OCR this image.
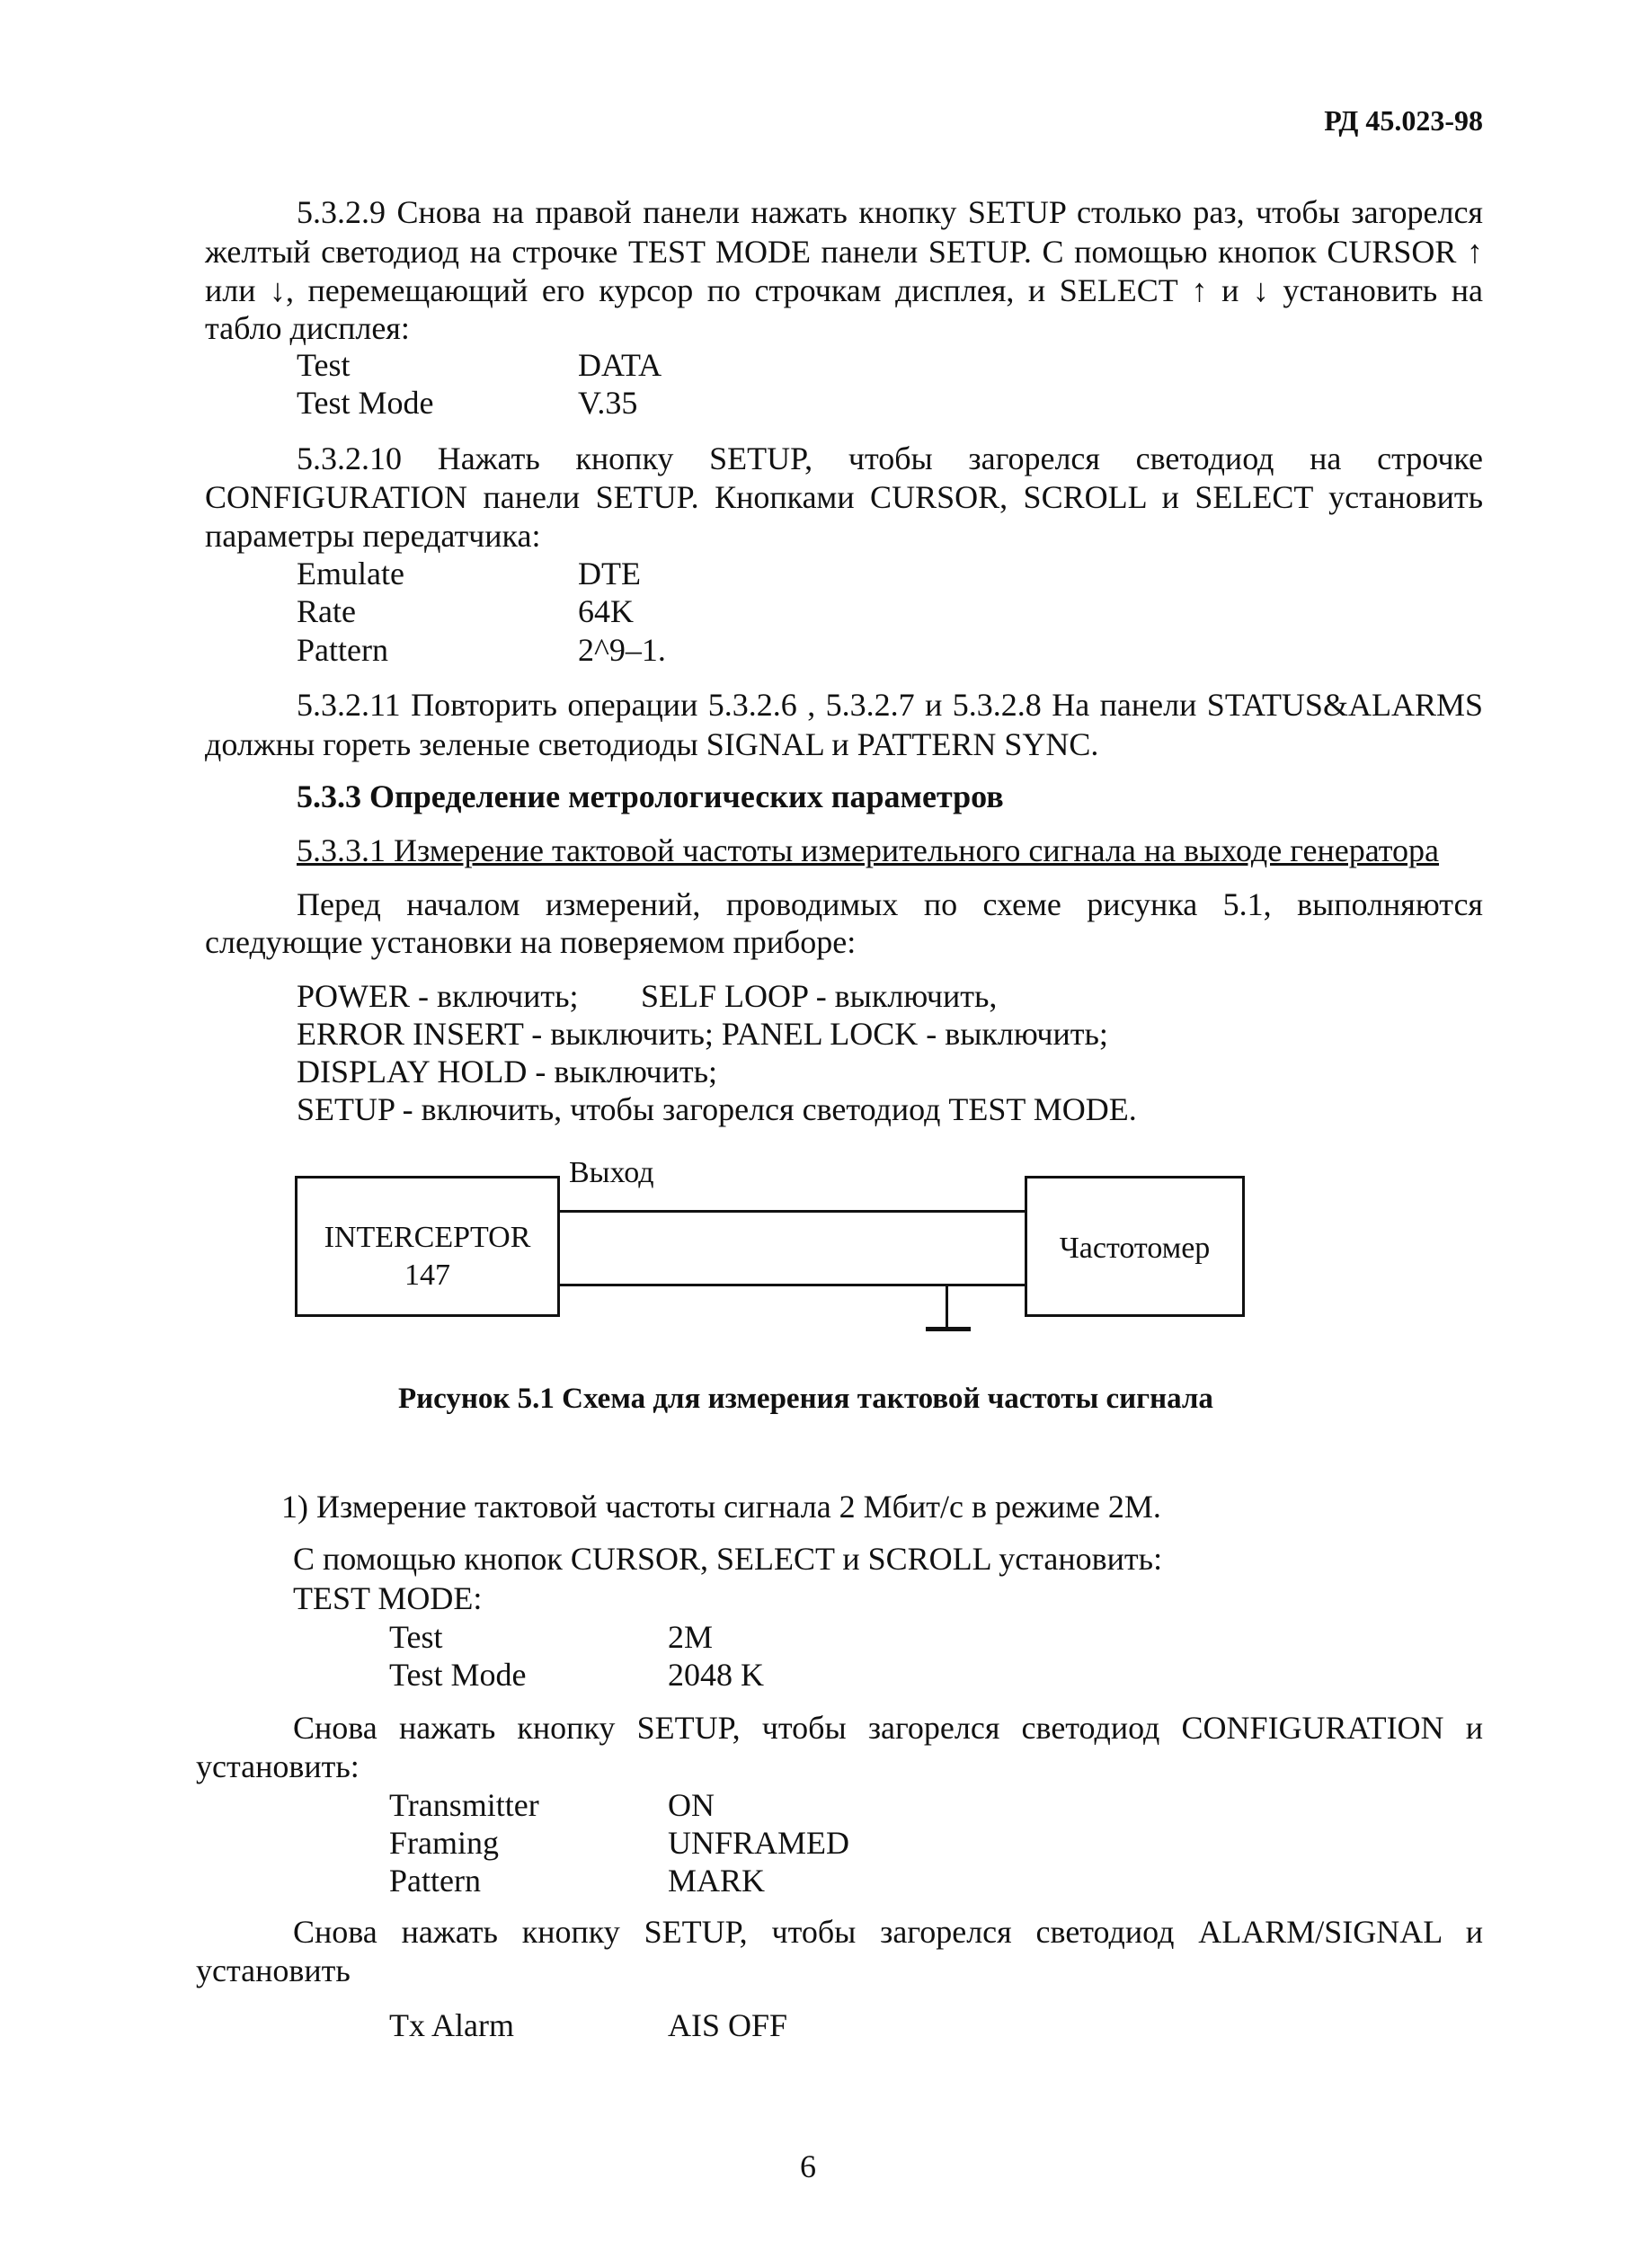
РД 45.023-98
5.3.2.9 Снова на правой панели нажать кнопку SETUP столько раз, чтобы загорелся
желтый светодиод на строчке TEST MODE панели SETUP. С помощью кнопок CURSOR ↑
или ↓, перемещающий его курсор по строчкам дисплея, и SELECT ↑ и ↓ установить на
табло дисплея:
Test	DATA
Test Mode	V.35
5.3.2.10 Нажать кнопку SETUP, чтобы загорелся светодиод на строчке
CONFIGURATION панели SETUP. Кнопками CURSOR, SCROLL и SELECT установить
параметры передатчика:
Emulate	DTE
Rate	64K
Pattern	2^9–1.
5.3.2.11 Повторить операции 5.3.2.6 , 5.3.2.7 и 5.3.2.8 На панели STATUS&ALARMS
должны гореть зеленые светодиоды SIGNAL и PATTERN SYNC.
5.3.3 Определение метрологических параметров
5.3.3.1 Измерение тактовой частоты измерительного сигнала на выходе генератора
Перед началом измерений, проводимых по схеме рисунка 5.1, выполняются
следующие установки на поверяемом приборе:
POWER - включить; SELF LOOP - выключить,
ERROR INSERT - выключить; PANEL LOCK - выключить;
DISPLAY HOLD - выключить;
SETUP - включить, чтобы загорелся светодиод TEST MODE.
INTERCEPTOR
147
Частотомер
Выход
Рисунок 5.1 Схема для измерения тактовой частоты сигнала
1) Измерение тактовой частоты сигнала 2 Мбит/с в режиме 2M.
С помощью кнопок CURSOR, SELECT и SCROLL установить:
TEST MODE:
Test	2M
Test Mode	2048 K
Снова нажать кнопку SETUP, чтобы загорелся светодиод CONFIGURATION и
установить:
Transmitter	ON
Framing	UNFRAMED
Pattern	MARK
Снова нажать кнопку SETUP, чтобы загорелся светодиод ALARM/SIGNAL и
установить
Tx Alarm	AIS OFF
6
